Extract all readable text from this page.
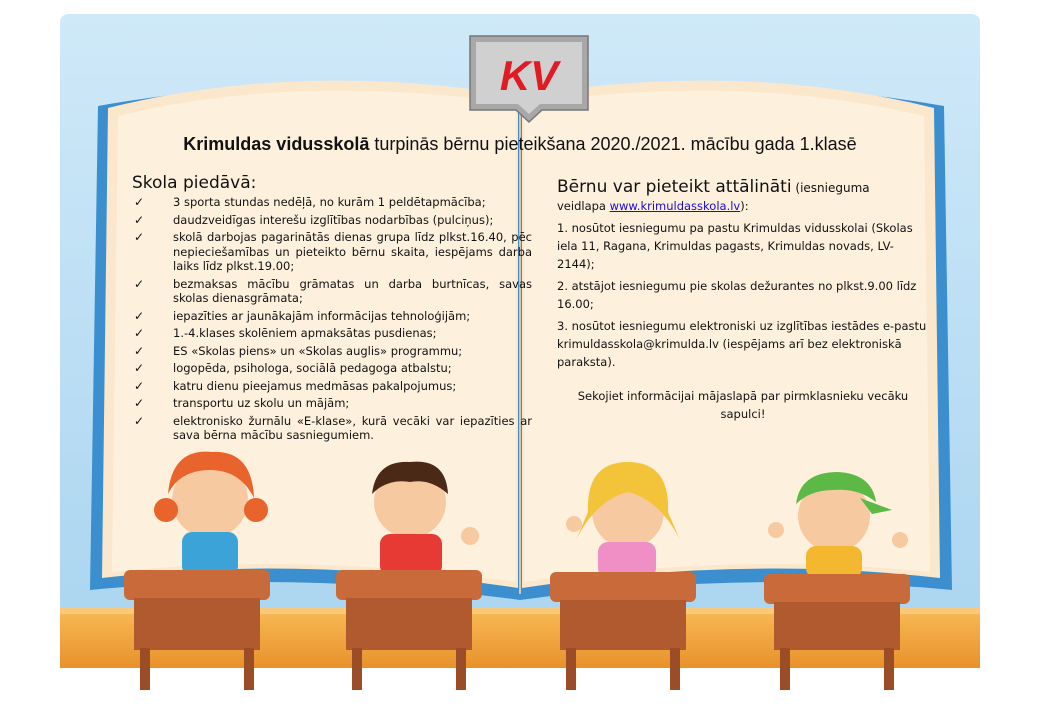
KV
Krimuldas vidusskolā turpinās bērnu pieteikšana 2020./2021. mācību gada 1.klasē
Skola piedāvā:
✓	3 sporta stundas nedēļā, no kurām 1 peldētapmācība;
✓	daudzveidīgas interešu izglītības nodarbības (pulciņus);
✓	skolā darbojas pagarinātās dienas grupa līdz plkst.16.40, pēc nepieciešamības un pieteikto bērnu skaita, iespējams darba laiks līdz plkst.19.00;
✓	bezmaksas mācību grāmatas un darba burtnīcas, savas skolas dienasgrāmata;
✓	iepazīties ar jaunākajām informācijas tehnoloģijām;
✓	1.-4.klases skolēniem apmaksātas pusdienas;
✓	ES «Skolas piens» un «Skolas auglis» programmu;
✓	logopēda, psihologa, sociālā pedagoga atbalstu;
✓	katru dienu pieejamus medmāsas pakalpojumus;
✓	transportu uz skolu un mājām;
✓	elektronisko žurnālu «E-klase», kurā vecāki var iepazīties ar sava bērna mācību sasniegumiem.
Bērnu var pieteikt attālināti (iesnieguma

veidlapa www.krimuldasskola.lv):

1. nosūtot iesniegumu pa pastu Krimuldas vidusskolai (Skolas iela 11, Ragana, Krimuldas pagasts, Krimuldas novads, LV-2144);

2. atstājot iesniegumu pie skolas dežurantes no plkst.9.00 līdz 16.00;

3. nosūtot iesniegumu elektroniski uz izglītības iestādes e-pastu krimuldasskola@krimulda.lv (iespējams arī bez elektroniskā paraksta).

Sekojiet informācijai mājaslapā par pirmklasnieku vecāku sapulci!
